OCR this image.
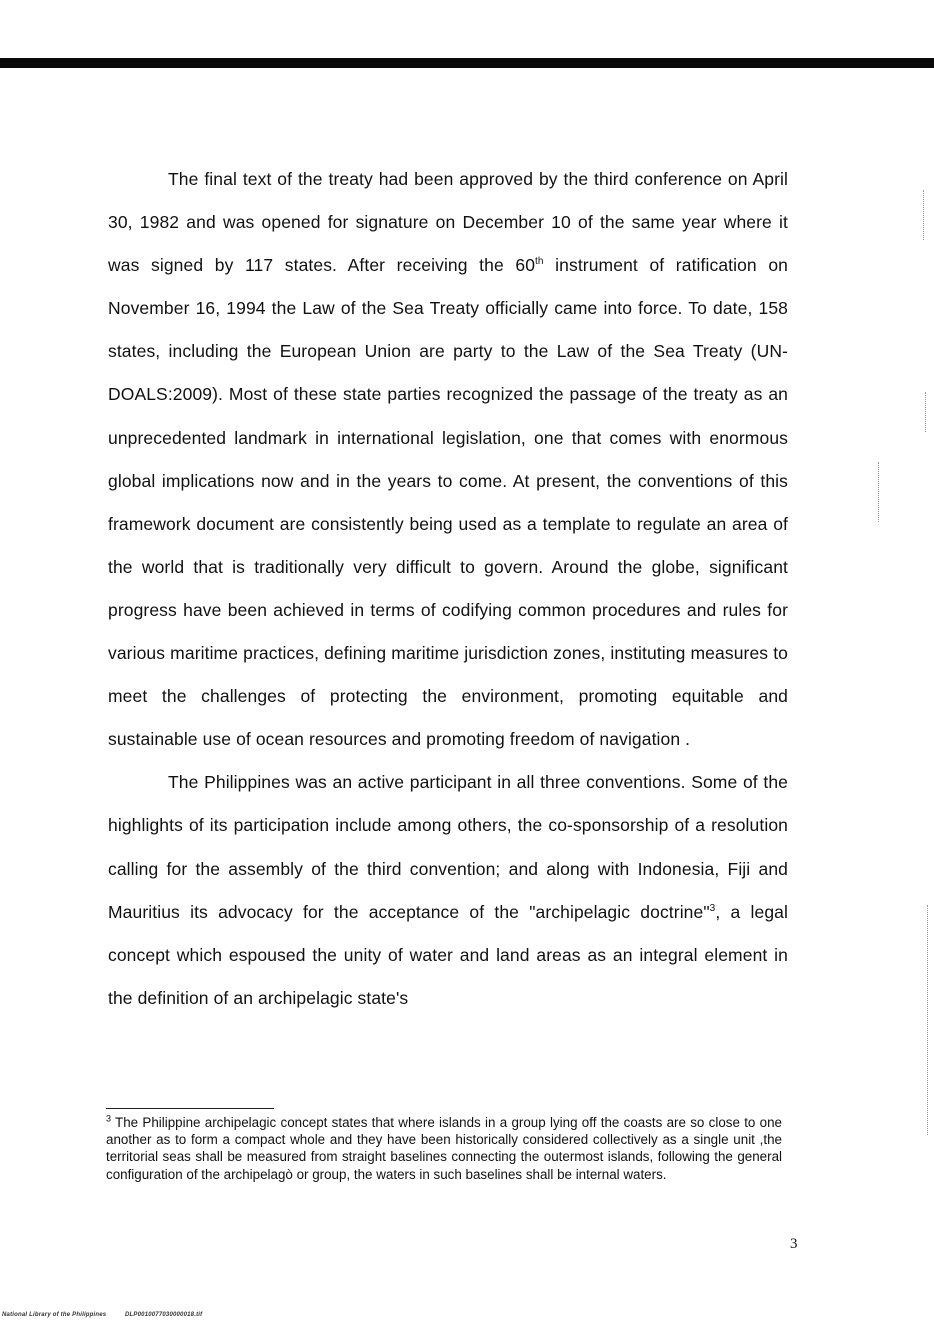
The final text of the treaty had been approved by the third conference on April 30, 1982 and was opened for signature on December 10 of the same year where it was signed by 117 states. After receiving the 60th instrument of ratification on November 16, 1994 the Law of the Sea Treaty officially came into force. To date, 158 states, including the European Union are party to the Law of the Sea Treaty (UN-DOALS:2009). Most of these state parties recognized the passage of the treaty as an unprecedented landmark in international legislation, one that comes with enormous global implications now and in the years to come. At present, the conventions of this framework document are consistently being used as a template to regulate an area of the world that is traditionally very difficult to govern. Around the globe, significant progress have been achieved in terms of codifying common procedures and rules for various maritime practices, defining maritime jurisdiction zones, instituting measures to meet the challenges of protecting the environment, promoting equitable and sustainable use of ocean resources and promoting freedom of navigation .

The Philippines was an active participant in all three conventions. Some of the highlights of its participation include among others, the co-sponsorship of a resolution calling for the assembly of the third convention; and along with Indonesia, Fiji and Mauritius its advocacy for the acceptance of the "archipelagic doctrine"$^3$, a legal concept which espoused the unity of water and land areas as an integral element in the definition of an archipelagic state's

$^3$ The Philippine archipelagic concept states that where islands in a group lying off the coasts are so close to one another as to form a compact whole and they have been historically considered collectively as a single unit ,the territorial seas shall be measured from straight baselines connecting the outermost islands, following the general configuration of the archipelagò or group, the waters in such baselines shall be internal waters.
3
National Library of the Philippines          DLP0010077030000018.tif
